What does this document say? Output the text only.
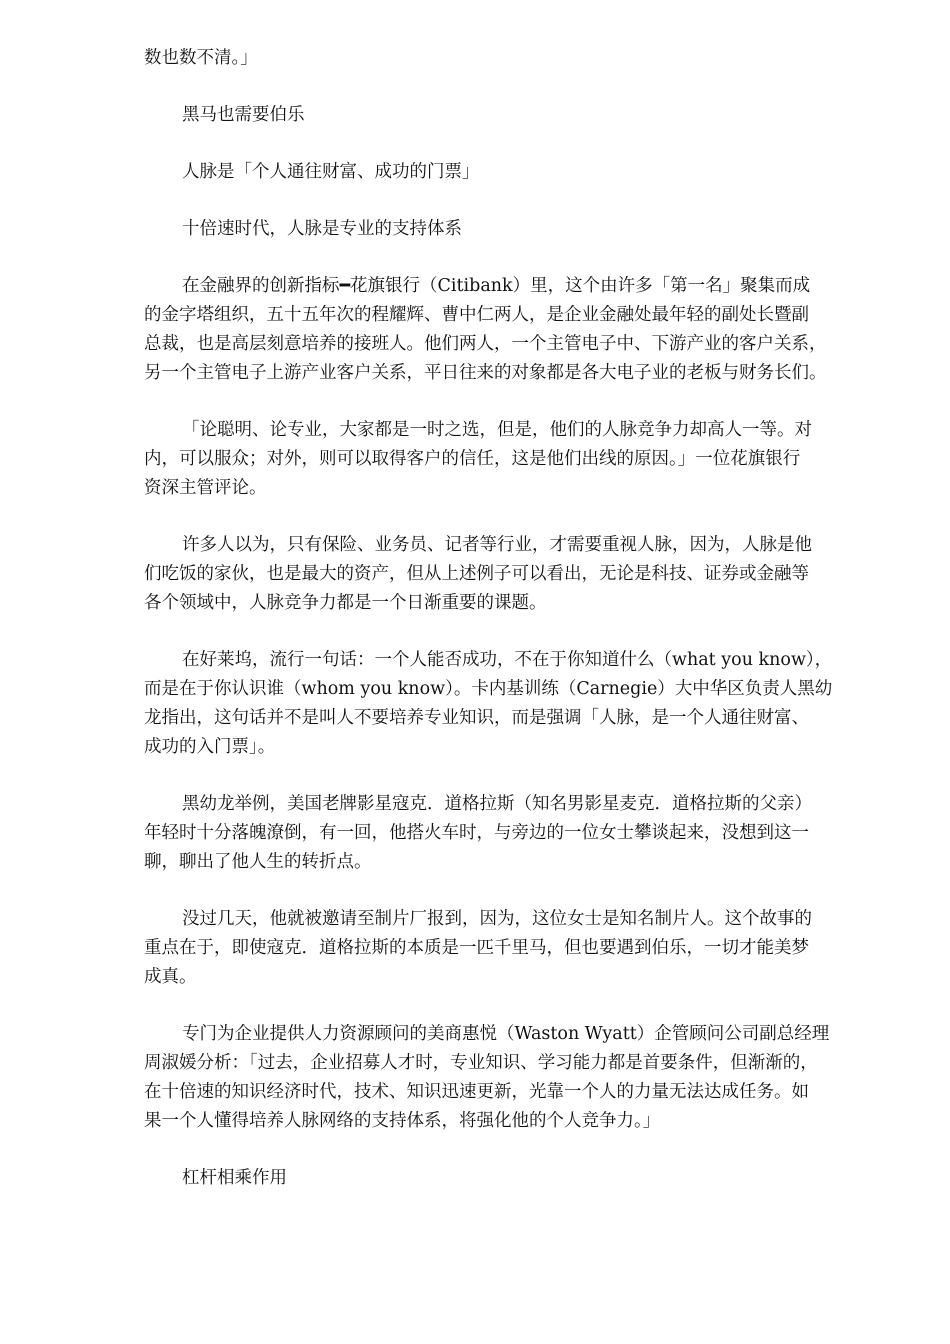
数也数不清。」

黑马也需要伯乐

人脉是「个人通往财富、成功的门票」

十倍速时代，人脉是专业的支持体系

在金融界的创新指标━花旗银行（Citibank）里，这个由许多「第一名」聚集而成
的金字塔组织，五十五年次的程耀辉、曹中仁两人，是企业金融处最年轻的副处长暨副
总裁，也是高层刻意培养的接班人。他们两人，一个主管电子中、下游产业的客户关系，
另一个主管电子上游产业客户关系，平日往来的对象都是各大电子业的老板与财务长们。

「论聪明、论专业，大家都是一时之选，但是，他们的人脉竞争力却高人一等。对
内，可以服众；对外，则可以取得客户的信任，这是他们出线的原因。」一位花旗银行
资深主管评论。

许多人以为，只有保险、业务员、记者等行业，才需要重视人脉，因为，人脉是他
们吃饭的家伙，也是最大的资产，但从上述例子可以看出，无论是科技、证券或金融等
各个领域中，人脉竞争力都是一个日渐重要的课题。

在好莱坞，流行一句话：一个人能否成功，不在于你知道什么（what you know），
而是在于你认识谁（whom you know）。卡内基训练（Carnegie）大中华区负责人黑幼
龙指出，这句话并不是叫人不要培养专业知识，而是强调「人脉，是一个人通往财富、
成功的入门票」。

黑幼龙举例，美国老牌影星寇克．道格拉斯（知名男影星麦克．道格拉斯的父亲）
年轻时十分落魄潦倒，有一回，他搭火车时，与旁边的一位女士攀谈起来，没想到这一
聊，聊出了他人生的转折点。

没过几天，他就被邀请至制片厂报到，因为，这位女士是知名制片人。这个故事的
重点在于，即使寇克．道格拉斯的本质是一匹千里马，但也要遇到伯乐，一切才能美梦
成真。

专门为企业提供人力资源顾问的美商惠悦（Waston Wyatt）企管顾问公司副总经理
周淑媛分析：「过去，企业招募人才时，专业知识、学习能力都是首要条件，但渐渐的，
在十倍速的知识经济时代，技术、知识迅速更新，光靠一个人的力量无法达成任务。如
果一个人懂得培养人脉网络的支持体系，将强化他的个人竞争力。」

杠杆相乘作用
